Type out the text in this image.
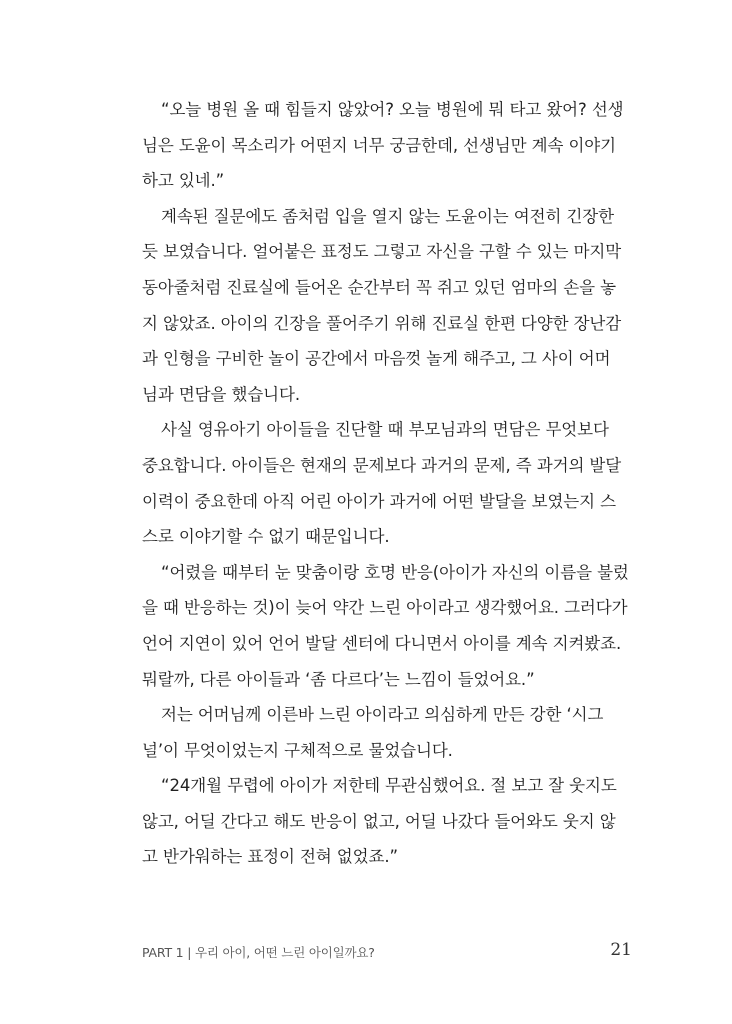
“오늘 병원 올 때 힘들지 않았어? 오늘 병원에 뭐 타고 왔어? 선생
님은 도윤이 목소리가 어떤지 너무 궁금한데, 선생님만 계속 이야기
하고 있네.”

계속된 질문에도 좀처럼 입을 열지 않는 도윤이는 여전히 긴장한
듯 보였습니다. 얼어붙은 표정도 그렇고 자신을 구할 수 있는 마지막
동아줄처럼 진료실에 들어온 순간부터 꼭 쥐고 있던 엄마의 손을 놓
지 않았죠. 아이의 긴장을 풀어주기 위해 진료실 한편 다양한 장난감
과 인형을 구비한 놀이 공간에서 마음껏 놀게 해주고, 그 사이 어머
님과 면담을 했습니다.

사실 영유아기 아이들을 진단할 때 부모님과의 면담은 무엇보다
중요합니다. 아이들은 현재의 문제보다 과거의 문제, 즉 과거의 발달
이력이 중요한데 아직 어린 아이가 과거에 어떤 발달을 보였는지 스
스로 이야기할 수 없기 때문입니다.

“어렸을 때부터 눈 맞춤이랑 호명 반응(아이가 자신의 이름을 불렀
을 때 반응하는 것)이 늦어 약간 느린 아이라고 생각했어요. 그러다가
언어 지연이 있어 언어 발달 센터에 다니면서 아이를 계속 지켜봤죠.
뭐랄까, 다른 아이들과 ‘좀 다르다’는 느낌이 들었어요.”

저는 어머님께 이른바 느린 아이라고 의심하게 만든 강한 ‘시그
널’이 무엇이었는지 구체적으로 물었습니다.

“24개월 무렵에 아이가 저한테 무관심했어요. 절 보고 잘 웃지도
않고, 어딜 간다고 해도 반응이 없고, 어딜 나갔다 들어와도 웃지 않
고 반가워하는 표정이 전혀 없었죠.”

PART 1 | 우리 아이, 어떤 느린 아이일까요?	21
